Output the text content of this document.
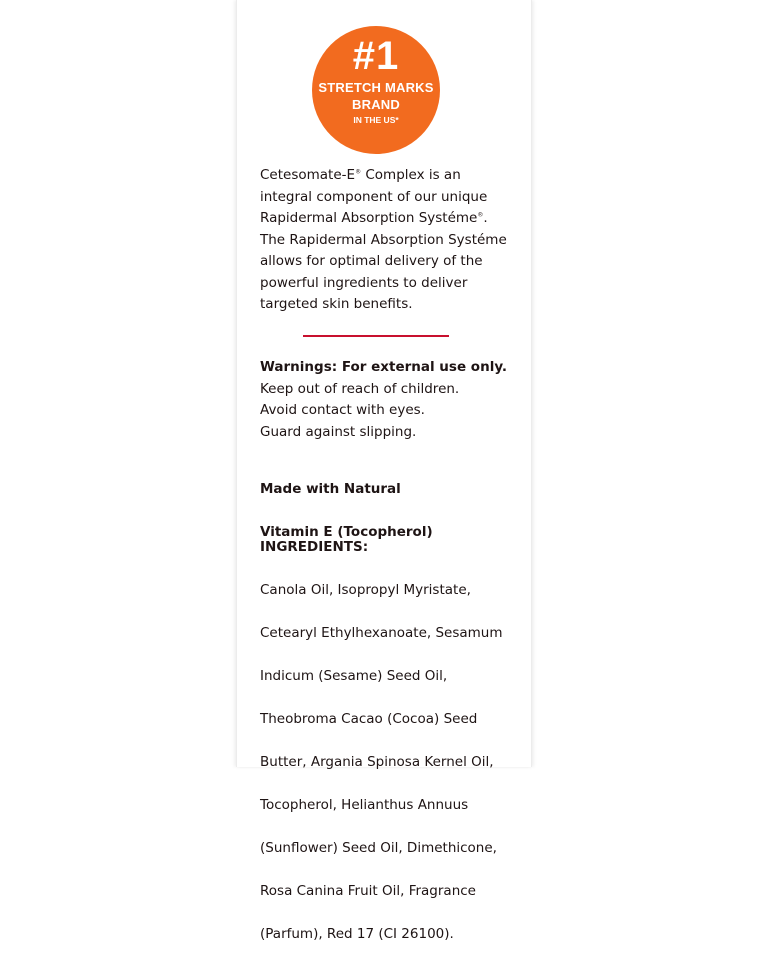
#1
STRETCH MARKS
BRAND
IN THE US*
Cetesomate-E® Complex is an
integral component of our unique
Rapidermal Absorption Systéme®.
The Rapidermal Absorption Systéme
allows for optimal delivery of the
powerful ingredients to deliver
targeted skin benefits.
Warnings: For external use only.
Keep out of reach of children.
Avoid contact with eyes.
Guard against slipping.

Made with Natural

Vitamin E (Tocopherol)

INGREDIENTS:

Canola Oil, Isopropyl Myristate,

Cetearyl Ethylhexanoate, Sesamum

Indicum (Sesame) Seed Oil,

Theobroma Cacao (Cocoa) Seed

Butter, Argania Spinosa Kernel Oil,

Tocopherol, Helianthus Annuus

(Sunflower) Seed Oil, Dimethicone,

Rosa Canina Fruit Oil, Fragrance

(Parfum), Red 17 (CI 26100).
